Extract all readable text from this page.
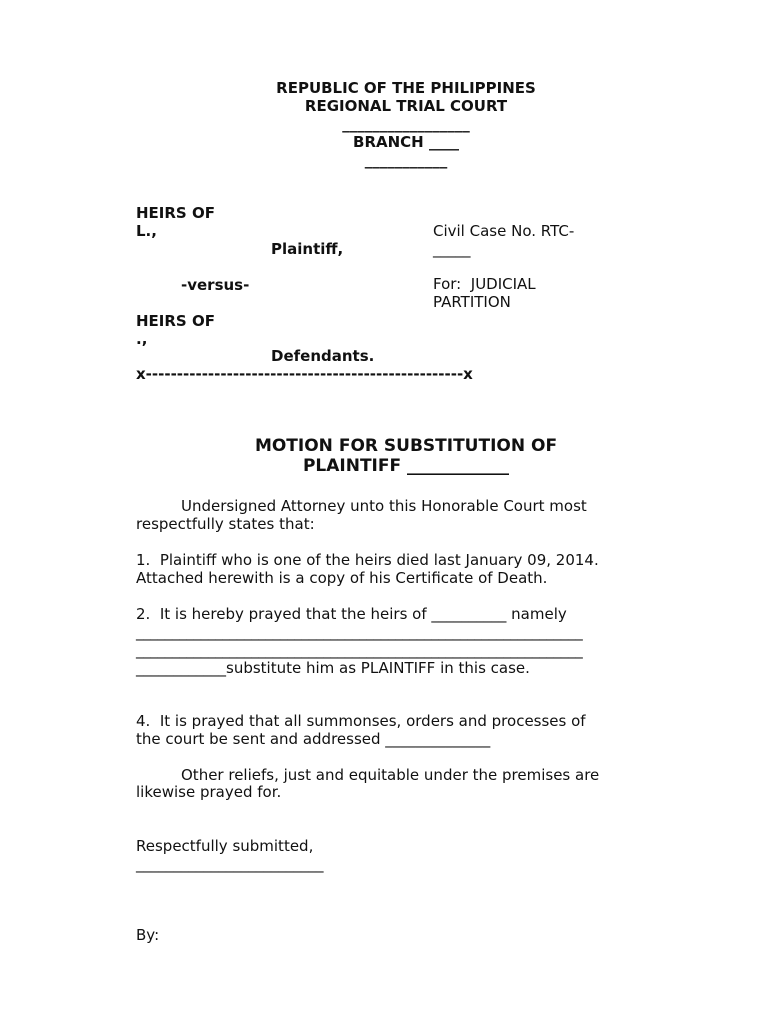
REPUBLIC OF THE PHILIPPINES
REGIONAL TRIAL COURT
_________________
BRANCH ____
___________
HEIRS OF
L.,
Plaintiff,
-versus-
HEIRS OF
.,
Defendants.
x---------------------------------------------------x
Civil Case No. RTC-
_____
For:  JUDICIAL
PARTITION
MOTION FOR SUBSTITUTION OF
PLAINTIFF ____________
Undersigned Attorney unto this Honorable Court most
respectfully states that:
1.  Plaintiff who is one of the heirs died last January 09, 2014.
Attached herewith is a copy of his Certificate of Death.
2.  It is hereby prayed that the heirs of __________ namely
______________________________________________________________
______________________________________________________________
____________substitute him as PLAINTIFF in this case.
4.  It is prayed that all summonses, orders and processes of
the court be sent and addressed ______________
Other reliefs, just and equitable under the premises are
likewise prayed for.
Respectfully submitted,
_________________________
By:
